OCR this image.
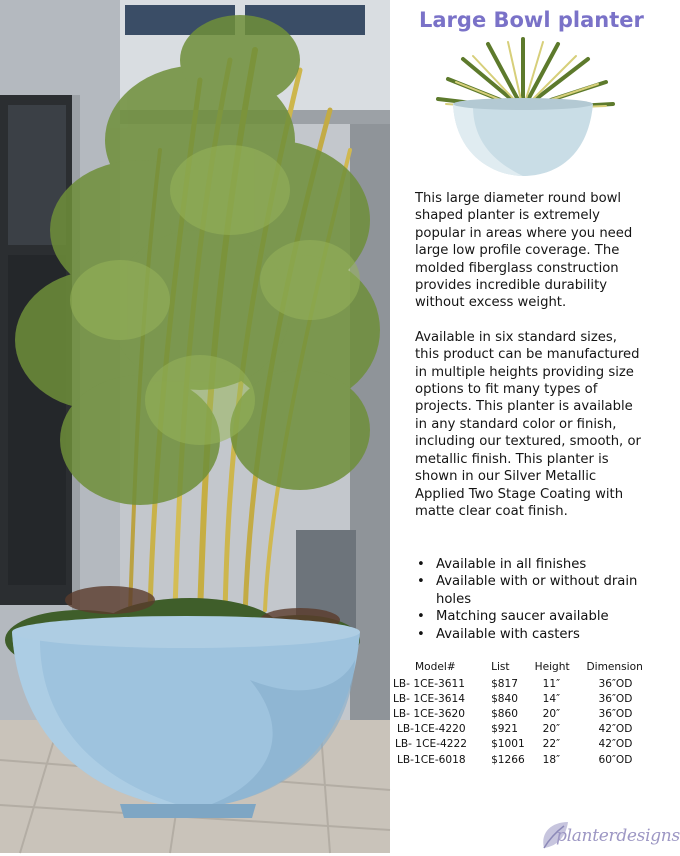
Large Bowl planter

This large diameter round bowl shaped planter is extremely popular in areas where you need large low profile coverage. The molded fiberglass construction provides incredible durability without excess weight.

Available in six standard sizes, this product can be manufactured in multiple heights providing size options to fit many types of projects. This planter is available in any standard color or finish, including our textured, smooth, or metallic finish. This planter is shown in our Silver Metallic Applied Two Stage Coating with matte clear coat finish.

• Available in all finishes
• Available with or without drain holes
• Matching saucer available
• Available with casters
Model#	List	Height	Dimension
LB- 1CE-3611	$817	11″	36″OD
LB- 1CE-3614	$840	14″	36″OD
LB- 1CE-3620	$860	20″	36″OD
LB-1CE-4220	$921	20″	42″OD
LB- 1CE-4222	$1001	22″	42″OD
LB-1CE-6018	$1266	18″	60″OD
planterdesigns
